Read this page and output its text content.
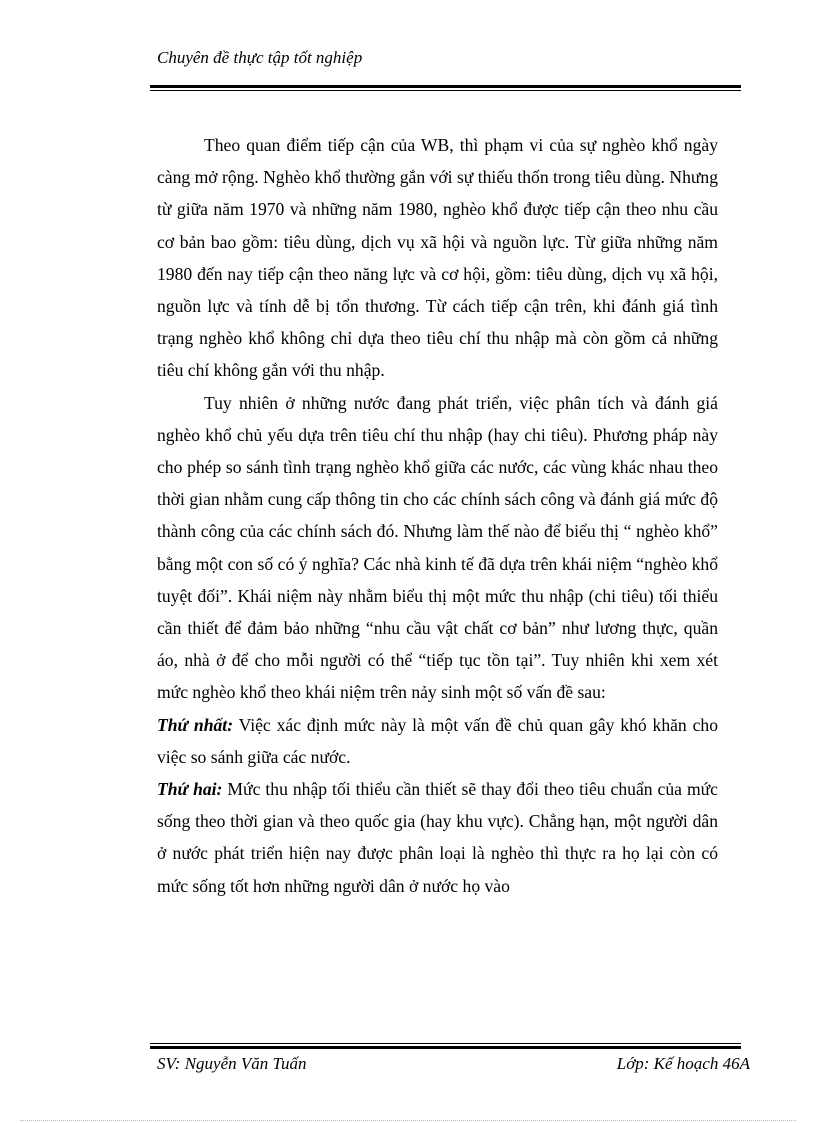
Chuyên đề thực tập tốt nghiệp

Theo quan điểm tiếp cận của WB, thì phạm vi của sự nghèo khổ ngày càng mở rộng. Nghèo khổ thường gắn với sự thiếu thốn trong tiêu dùng. Nhưng từ giữa năm 1970 và những năm 1980, nghèo khổ được tiếp cận theo nhu cầu cơ bản bao gồm: tiêu dùng, dịch vụ xã hội và nguồn lực. Từ giữa những năm 1980 đến nay tiếp cận theo năng lực và cơ hội, gồm: tiêu dùng, dịch vụ xã hội, nguồn lực và tính dễ bị tổn thương. Từ cách tiếp cận trên, khi đánh giá tình trạng nghèo khổ không chỉ dựa theo tiêu chí thu nhập mà còn gồm cả những tiêu chí không gắn với thu nhập.

Tuy nhiên ở những nước đang phát triển, việc phân tích và đánh giá nghèo khổ chủ yếu dựa trên tiêu chí thu nhập (hay chi tiêu). Phương pháp này cho phép so sánh tình trạng nghèo khổ giữa các nước, các vùng khác nhau theo thời gian nhằm cung cấp thông tin cho các chính sách công và đánh giá mức độ thành công của các chính sách đó. Nhưng làm thế nào để biểu thị “ nghèo khổ” bằng một con số có ý nghĩa? Các nhà kinh tế đã dựa trên khái niệm “nghèo khổ tuyệt đối”. Khái niệm này nhằm biểu thị một mức thu nhập (chi tiêu) tối thiểu cần thiết để đảm bảo những “nhu cầu vật chất cơ bản” như lương thực, quần áo, nhà ở để cho mỗi người có thể “tiếp tục tồn tại”. Tuy nhiên khi xem xét mức nghèo khổ theo khái niệm trên nảy sinh một số vấn đề sau:

Thứ nhất: Việc xác định mức này là một vấn đề chủ quan gây khó khăn cho việc so sánh giữa các nước.

Thứ hai: Mức thu nhập tối thiểu cần thiết sẽ thay đổi theo tiêu chuẩn của mức sống theo thời gian và theo quốc gia (hay khu vực). Chẳng hạn, một người dân ở nước phát triển hiện nay được phân loại là nghèo thì thực ra họ lại còn có mức sống tốt hơn những người dân ở nước họ vào

SV: Nguyễn Văn Tuấn	Lớp: Kế hoạch 46A
